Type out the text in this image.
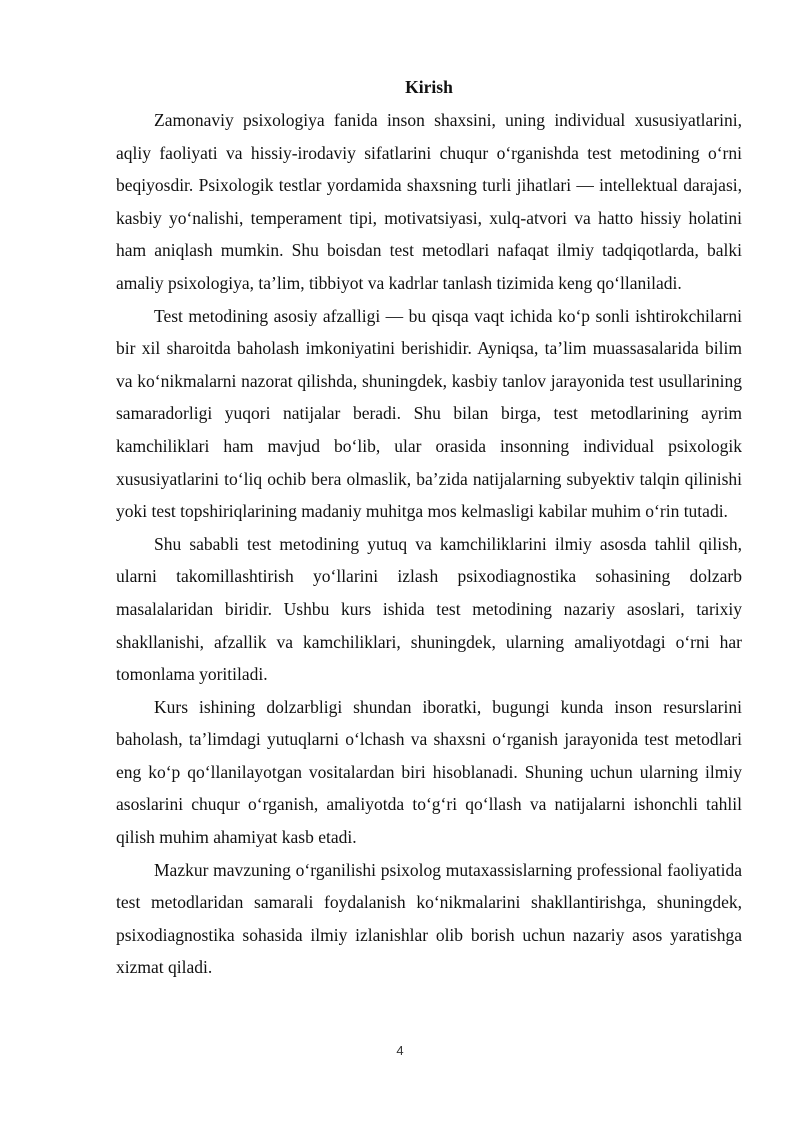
Kirish

Zamonaviy psixologiya fanida inson shaxsini, uning individual xususiyatlarini, aqliy faoliyati va hissiy-irodaviy sifatlarini chuqur o‘rganishda test metodining o‘rni beqiyosdir. Psixologik testlar yordamida shaxsning turli jihatlari — intellektual darajasi, kasbiy yo‘nalishi, temperament tipi, motivatsiyasi, xulq-atvori va hatto hissiy holatini ham aniqlash mumkin. Shu boisdan test metodlari nafaqat ilmiy tadqiqotlarda, balki amaliy psixologiya, ta’lim, tibbiyot va kadrlar tanlash tizimida keng qo‘llaniladi.

Test metodining asosiy afzalligi — bu qisqa vaqt ichida ko‘p sonli ishtirokchilarni bir xil sharoitda baholash imkoniyatini berishidir. Ayniqsa, ta’lim muassasalarida bilim va ko‘nikmalarni nazorat qilishda, shuningdek, kasbiy tanlov jarayonida test usullarining samaradorligi yuqori natijalar beradi. Shu bilan birga, test metodlarining ayrim kamchiliklari ham mavjud bo‘lib, ular orasida insonning individual psixologik xususiyatlarini to‘liq ochib bera olmaslik, ba’zida natijalarning subyektiv talqin qilinishi yoki test topshiriqlarining madaniy muhitga mos kelmasligi kabilar muhim o‘rin tutadi.

Shu sababli test metodining yutuq va kamchiliklarini ilmiy asosda tahlil qilish, ularni takomillashtirish yo‘llarini izlash psixodiagnostika sohasining dolzarb masalalaridan biridir. Ushbu kurs ishida test metodining nazariy asoslari, tarixiy shakllanishi, afzallik va kamchiliklari, shuningdek, ularning amaliyotdagi o‘rni har tomonlama yoritiladi.

Kurs ishining dolzarbligi shundan iboratki, bugungi kunda inson resurslarini baholash, ta’limdagi yutuqlarni o‘lchash va shaxsni o‘rganish jarayonida test metodlari eng ko‘p qo‘llanilayotgan vositalardan biri hisoblanadi. Shuning uchun ularning ilmiy asoslarini chuqur o‘rganish, amaliyotda to‘g‘ri qo‘llash va natijalarni ishonchli tahlil qilish muhim ahamiyat kasb etadi.

Mazkur mavzuning o‘rganilishi psixolog mutaxassislarning professional faoliyatida test metodlaridan samarali foydalanish ko‘nikmalarini shakllantirishga, shuningdek, psixodiagnostika sohasida ilmiy izlanishlar olib borish uchun nazariy asos yaratishga xizmat qiladi.

4
